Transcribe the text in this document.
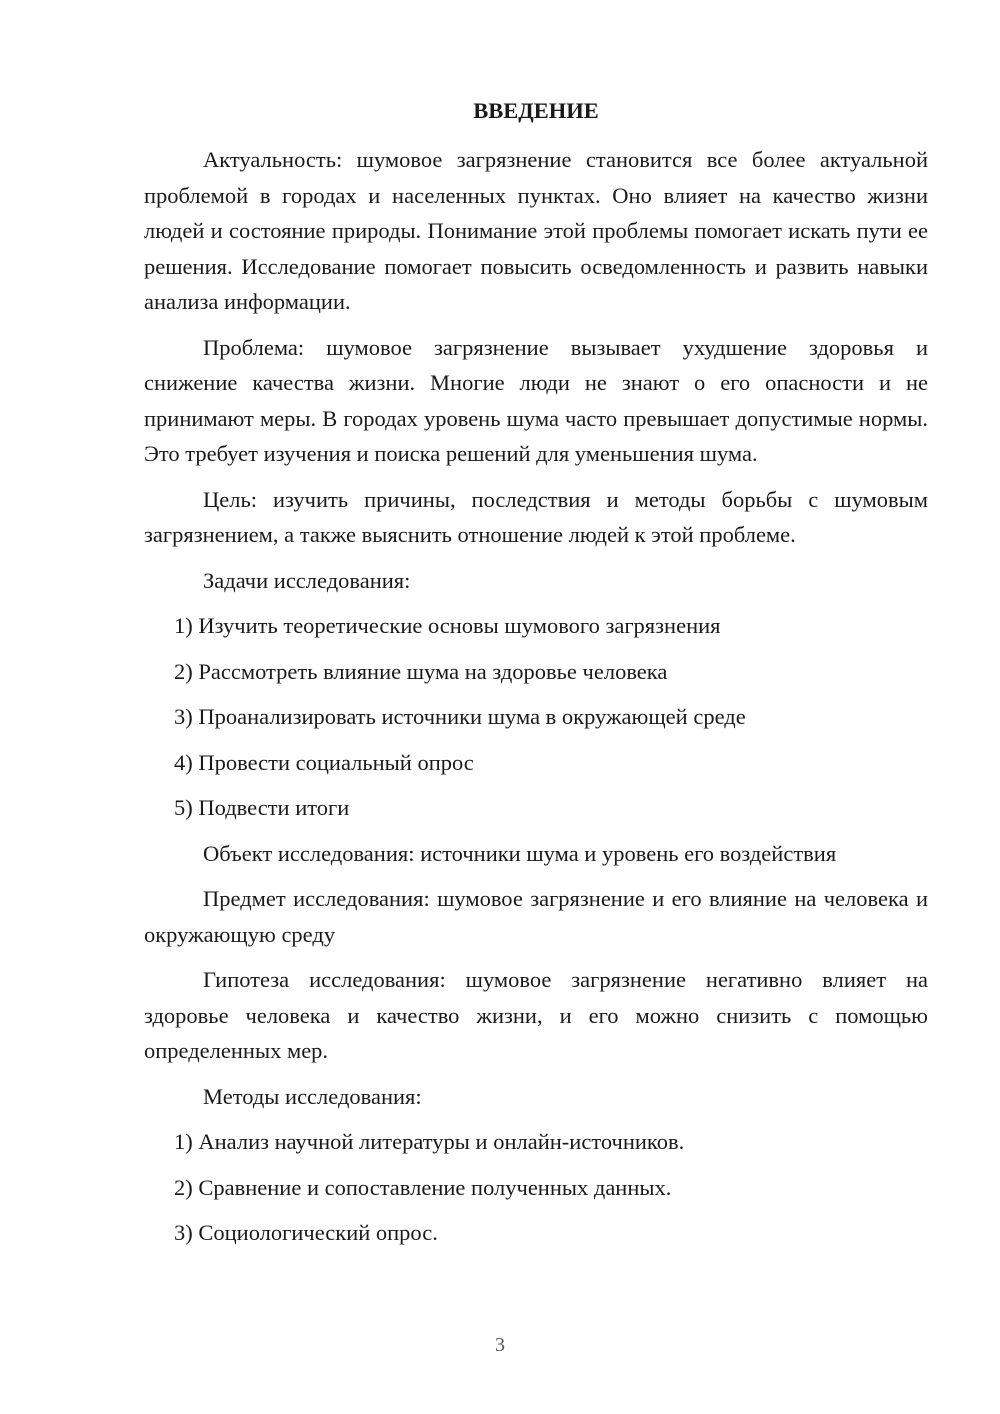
ВВЕДЕНИЕ

Актуальность: шумовое загрязнение становится все более актуальной проблемой в городах и населенных пунктах. Оно влияет на качество жизни людей и состояние природы. Понимание этой проблемы помогает искать пути ее решения. Исследование помогает повысить осведомленность и развить навыки анализа информации.

Проблема: шумовое загрязнение вызывает ухудшение здоровья и снижение качества жизни. Многие люди не знают о его опасности и не принимают меры. В городах уровень шума часто превышает допустимые нормы. Это требует изучения и поиска решений для уменьшения шума.

Цель: изучить причины, последствия и методы борьбы с шумовым загрязнением, а также выяснить отношение людей к этой проблеме.

Задачи исследования:

1) Изучить теоретические основы шумового загрязнения
2) Рассмотреть влияние шума на здоровье человека
3) Проанализировать источники шума в окружающей среде
4) Провести социальный опрос
5) Подвести итоги

Объект исследования: источники шума и уровень его воздействия

Предмет исследования: шумовое загрязнение и его влияние на человека и окружающую среду

Гипотеза исследования: шумовое загрязнение негативно влияет на здоровье человека и качество жизни, и его можно снизить с помощью определенных мер.

Методы исследования:

1) Анализ научной литературы и онлайн-источников.
2) Сравнение и сопоставление полученных данных.
3) Социологический опрос.
3
